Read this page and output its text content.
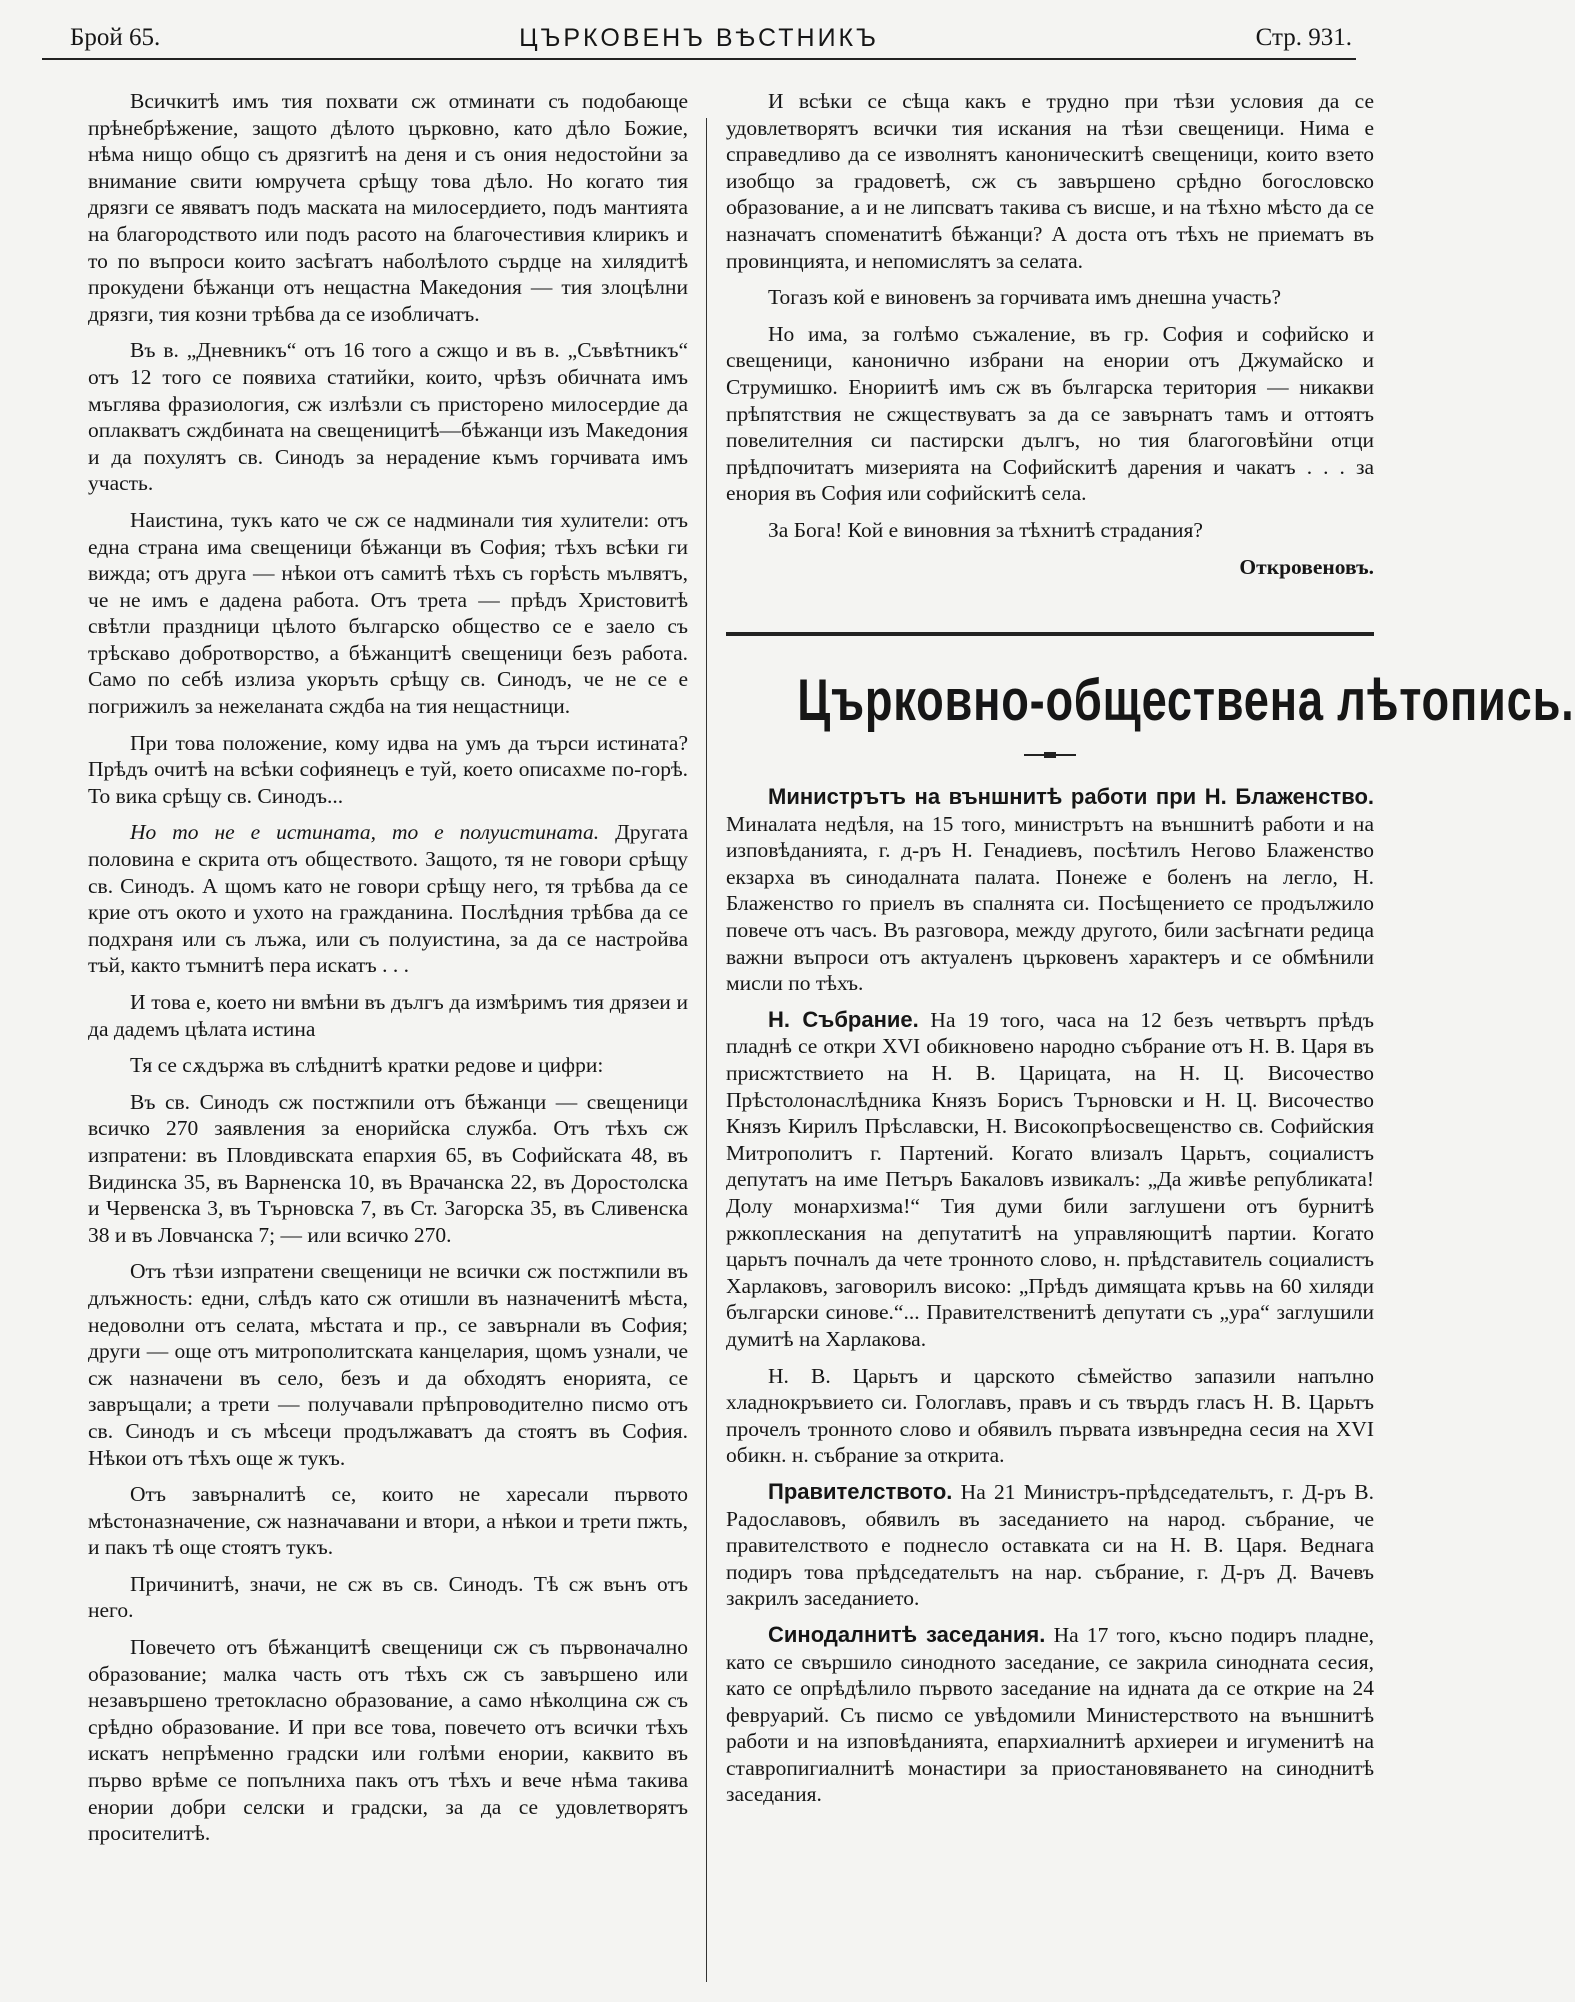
Брой 65.	ЦЪРКОВЕНЪ ВѢСТНИКЪ	Стр. 931.

Всичкитѣ имъ тия похвати сж отминати съ подобающе прѣнебрѣжение, защото дѣлото църковно, като дѣло Божие, нѣма нищо общо съ дрязгитѣ на деня и съ ония недостойни за внимание свити юмручета срѣщу това дѣло. Но когато тия дрязги се явяватъ подъ маската на милосердието, подъ мантията на благородството или подъ расото на благочестивия клирикъ и то по въпроси които засѣгатъ наболѣлото сърдце на хилядитѣ прокудени бѣжанци отъ нещастна Македония — тия злоцѣлни дрязги, тия козни трѣбва да се изобличатъ.

Въ в. „Дневникъ“ отъ 16 того а сжщо и въ в. „Съвѣтникъ“ отъ 12 того се появиха статийки, които, чрѣзъ обичната имъ мъглява фразиология, сж излѣзли съ присторено милосердие да оплакватъ сждбината на свещеницитѣ—бѣжанци изъ Македония и да похулятъ св. Синодъ за нерадение къмъ горчивата имъ участь.

Наистина, тукъ като че сж се надминали тия хулители: отъ една страна има свещеници бѣжанци въ София; тѣхъ всѣки ги вижда; отъ друга — нѣкои отъ самитѣ тѣхъ съ горѣсть мълвятъ, че не имъ е дадена работа. Отъ трета — прѣдъ Христовитѣ свѣтли праздници цѣлото българско общество се е заело съ трѣскаво добротворство, а бѣжанцитѣ свещеници безъ работа. Само по себѣ излиза укоръть срѣщу св. Синодъ, че не се е погрижилъ за нежеланата сждба на тия нещастници.

При това положение, кому идва на умъ да търси истината? Прѣдъ очитѣ на всѣки софиянецъ е туй, което описахме по-горѣ. То вика срѣщу св. Синодъ...

Но то не е истината, то е полуистината. Другата половина е скрита отъ обществото. Защото, тя не говори срѣщу св. Синодъ. А щомъ като не говори срѣщу него, тя трѣбва да се крие отъ окото и ухото на гражданина. Послѣдния трѣбва да се подхраня или съ лъжа, или съ полуистина, за да се настройва тъй, както тъмнитѣ пера искатъ . . .

И това е, което ни вмѣни въ дългъ да измѣримъ тия дрязеи и да дадемъ цѣлата истина

Тя се сѫдържа въ слѣднитѣ кратки редове и цифри:

Въ св. Синодъ сж постжпили отъ бѣжанци — свещеници всичко 270 заявления за енорийска служба. Отъ тѣхъ сж изпратени: въ Пловдивската епархия 65, въ Софийската 48, въ Видинска 35, въ Варненска 10, въ Врачанска 22, въ Доростолска и Червенска 3, въ Търновска 7, въ Ст. Загорска 35, въ Сливенска 38 и въ Ловчанска 7; — или всичко 270.

Отъ тѣзи изпратени свещеници не всички сж постжпили въ длъжность: едни, слѣдъ като сж отишли въ назначенитѣ мѣста, недоволни отъ селата, мѣстата и пр., се завърнали въ София; други — още отъ митрополитската канцелария, щомъ узнали, че сж назначени въ село, безъ и да обходятъ енорията, се завръщали; а трети — получавали прѣпроводително писмо отъ св. Синодъ и съ мѣсеци продължаватъ да стоятъ въ София. Нѣкои отъ тѣхъ още ж тукъ.

Отъ завърналитѣ се, които не харесали първото мѣстоназначение, сж назначавани и втори, а нѣкои и трети пжть, и пакъ тѣ още стоятъ тукъ.

Причинитѣ, значи, не сж въ св. Синодъ. Тѣ сж вънъ отъ него.

Повечето отъ бѣжанцитѣ свещеници сж съ първоначално образование; малка часть отъ тѣхъ сж съ завършено или незавършено третокласно образование, а само нѣколцина сж съ срѣдно образование. И при все това, повечето отъ всички тѣхъ искатъ непрѣменно градски или голѣми енории, каквито въ първо врѣме се попълниха пакъ отъ тѣхъ и вече нѣма такива енории добри селски и градски, за да се удовлетворятъ просителитѣ.

И всѣки се сѣща какъ е трудно при тѣзи условия да се удовлетворятъ всички тия искания на тѣзи свещеници. Нима е справедливо да се изволнятъ каноническитѣ свещеници, които взето изобщо за градоветѣ, сж съ завършено срѣдно богословско образование, а и не липсватъ такива съ висше, и на тѣхно мѣсто да се назначатъ споменатитѣ бѣжанци? А доста отъ тѣхъ не приематъ въ провинцията, и непомислятъ за селата.

Тогазъ кой е виновенъ за горчивата имъ днешна участь?

Но има, за голѣмо съжаление, въ гр. София и софийско и свещеници, канонично избрани на енории отъ Джумайско и Струмишко. Енориитѣ имъ сж въ българска територия — никакви прѣпятствия не сжществуватъ за да се завърнатъ тамъ и оттоятъ повелителния си пастирски дългъ, но тия благоговѣйни отци прѣдпочитатъ мизерията на Софийскитѣ дарения и чакатъ . . . за енория въ София или софийскитѣ села.

За Бога! Кой е виновния за тѣхнитѣ страдания?

Откровеновъ.

Църковно-обществена лѣтопись.

Министрътъ на външнитѣ работи при Н. Блаженство. Миналата недѣля, на 15 того, министрътъ на външнитѣ работи и на изповѣданията, г. д-ръ Н. Генадиевъ, посѣтилъ Негово Блаженство екзарха въ синодалната палата. Понеже е боленъ на легло, Н. Блаженство го приелъ въ спалнята си. Посѣщението се продължило повече отъ часъ. Въ разговора, между другото, били засѣгнати редица важни въпроси отъ актуаленъ църковенъ характеръ и се обмѣнили мисли по тѣхъ.

Н. Събрание. На 19 того, часа на 12 безъ четвъртъ прѣдъ пладнѣ се откри XVI обикновено народно събрание отъ Н. В. Царя въ присжтствието на Н. В. Царицата, на Н. Ц. Височество Прѣстолонаслѣдника Князъ Борисъ Търновски и Н. Ц. Височество Князъ Кирилъ Прѣславски, Н. Високопрѣосвещенство св. Софийския Митрополитъ г. Партений. Когато влизалъ Царьтъ, социалистъ депутатъ на име Петъръ Бакаловъ извикалъ: „Да живѣе републиката! Долу монархизма!“ Тия думи били заглушени отъ бурнитѣ ржкоплескания на депутатитѣ на управляющитѣ партии. Когато царьтъ почналъ да чете тронното слово, н. прѣдставитель социалистъ Харлаковъ, заговорилъ високо: „Прѣдъ димящата кръвь на 60 хиляди български синове.“... Правителственитѣ депутати съ „ура“ заглушили думитѣ на Харлакова.

Н. В. Царьтъ и царското сѣмейство запазили напълно хладнокръвието си. Гологлавъ, правъ и съ твърдъ гласъ Н. В. Царьтъ прочелъ тронното слово и обявилъ първата извънредна сесия на XVI обикн. н. събрание за открита.

Правителството. На 21 Министръ-прѣдседательтъ, г. Д-ръ В. Радославовъ, обявилъ въ заседанието на народ. събрание, че правителството е поднесло оставката си на Н. В. Царя. Веднага подиръ това прѣдседательтъ на нар. събрание, г. Д-ръ Д. Вачевъ закрилъ заседанието.

Синодалнитѣ заседания. На 17 того, късно подиръ пладне, като се свършило синодното заседание, се закрила синодната сесия, като се опрѣдѣлило първото заседание на идната да се открие на 24 февруарий. Съ писмо се увѣдомили Министерството на външнитѣ работи и на изповѣданията, епархиалнитѣ архиереи и игуменитѣ на ставропигиалнитѣ монастири за приостановяването на синоднитѣ заседания.
